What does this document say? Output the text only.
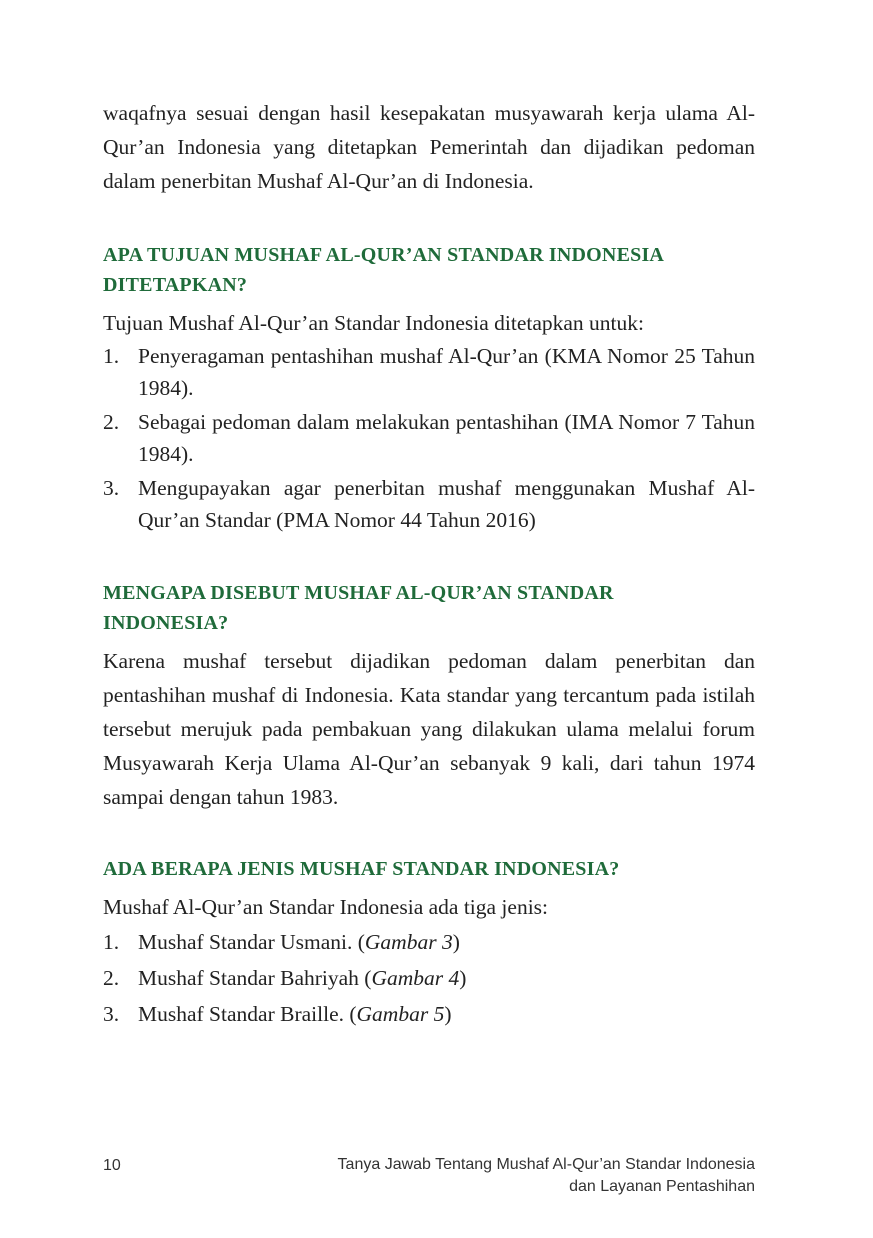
waqafnya sesuai dengan hasil kesepakatan musyawarah kerja ulama Al-Qur’an Indonesia yang ditetapkan Pemerintah dan dijadikan pedoman dalam penerbitan Mushaf Al-Qur’an di Indonesia.

APA TUJUAN MUSHAF AL-QUR’AN STANDAR INDONESIA
DITETAPKAN?

Tujuan Mushaf Al-Qur’an Standar Indonesia ditetapkan untuk:

1. Penyeragaman pentashihan mushaf Al-Qur’an (KMA Nomor 25 Tahun 1984).
2. Sebagai pedoman dalam melakukan pentashihan (IMA Nomor 7 Tahun 1984).
3. Mengupayakan agar penerbitan mushaf menggunakan Mushaf Al-Qur’an Standar (PMA Nomor 44 Tahun 2016)
MENGAPA DISEBUT MUSHAF AL-QUR’AN STANDAR
INDONESIA?

Karena mushaf tersebut dijadikan pedoman dalam penerbitan dan pentashihan mushaf di Indonesia. Kata standar yang tercantum pada istilah tersebut merujuk pada pembakuan yang dilakukan ulama melalui forum Musyawarah Kerja Ulama Al-Qur’an sebanyak 9 kali, dari tahun 1974 sampai dengan tahun 1983.

ADA BERAPA JENIS MUSHAF STANDAR INDONESIA?

Mushaf Al-Qur’an Standar Indonesia ada tiga jenis:

1. Mushaf Standar Usmani. (Gambar 3)
2. Mushaf Standar Bahriyah (Gambar 4)
3. Mushaf Standar Braille. (Gambar 5)
10	Tanya Jawab Tentang Mushaf Al-Qur’an Standar Indonesia
dan Layanan Pentashihan
